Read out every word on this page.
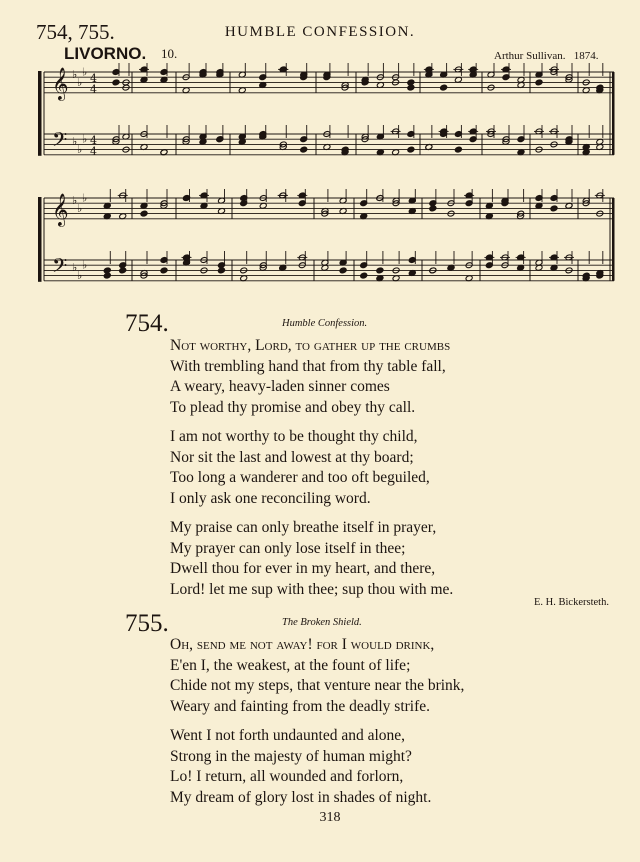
754, 755.	HUMBLE CONFESSION.
LIVORNO. 10.	Arthur Sullivan. 1874.
𝄞 ♭
♭
♭
4
4
𝄢 ♭
♭
♭ 4
4
𝄞 ♭
♭
♭
𝄢 ♭
♭
♭
754.	Humble Confession.
Not worthy, Lord, to gather up the crumbs
With trembling hand that from thy table fall,
A weary, heavy-laden sinner comes
To plead thy promise and obey thy call.
I am not worthy to be thought thy child,
Nor sit the last and lowest at thy board;
Too long a wanderer and too oft beguiled,
I only ask one reconciling word.
My praise can only breathe itself in prayer,
My prayer can only lose itself in thee;
Dwell thou for ever in my heart, and there,
Lord! let me sup with thee; sup thou with me.
E. H. Bickersteth.
755.	The Broken Shield.
Oh, send me not away! for I would drink,
E'en I, the weakest, at the fount of life;
Chide not my steps, that venture near the brink,
Weary and fainting from the deadly strife.
Went I not forth undaunted and alone,
Strong in the majesty of human might?
Lo! I return, all wounded and forlorn,
My dream of glory lost in shades of night.
318
